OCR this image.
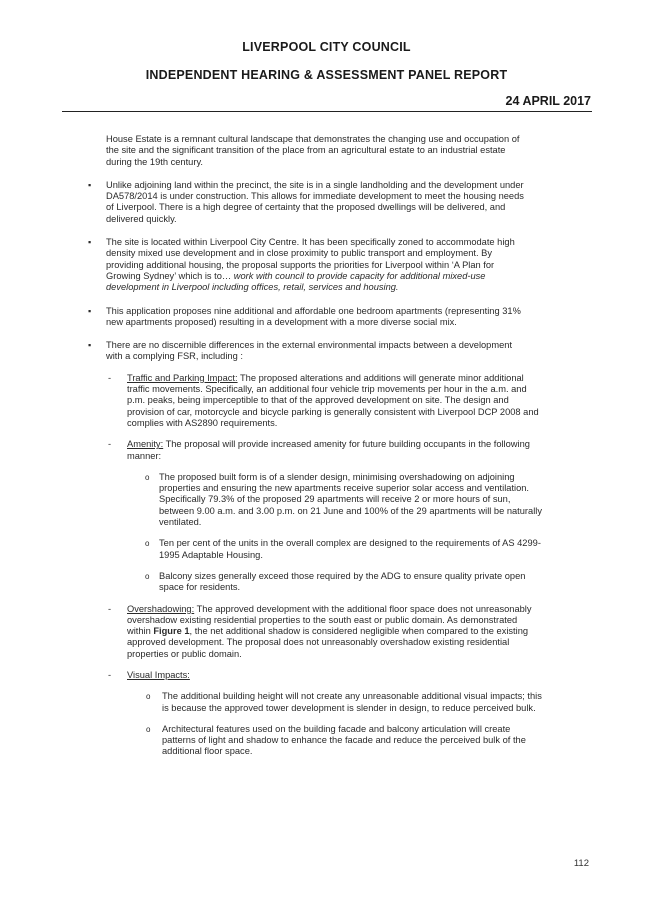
LIVERPOOL CITY COUNCIL
INDEPENDENT HEARING & ASSESSMENT PANEL REPORT
24 APRIL 2017

House Estate is a remnant cultural landscape that demonstrates the changing use and occupation of the site and the significant transition of the place from an agricultural estate to an industrial estate during the 19th century.

▪ Unlike adjoining land within the precinct, the site is in a single landholding and the development under DA578/2014 is under construction. This allows for immediate development to meet the housing needs of Liverpool. There is a high degree of certainty that the proposed dwellings will be delivered, and delivered quickly.
▪ The site is located within Liverpool City Centre. It has been specifically zoned to accommodate high density mixed use development and in close proximity to public transport and employment. By providing additional housing, the proposal supports the priorities for Liverpool within ‘A Plan for Growing Sydney’ which is to… work with council to provide capacity for additional mixed-use development in Liverpool including offices, retail, services and housing.
▪ This application proposes nine additional and affordable one bedroom apartments (representing 31% new apartments proposed) resulting in a development with a more diverse social mix.
▪ There are no discernible differences in the external environmental impacts between a development with a complying FSR, including :
- Traffic and Parking Impact: The proposed alterations and additions will generate minor additional traffic movements. Specifically, an additional four vehicle trip movements per hour in the a.m. and p.m. peaks, being imperceptible to that of the approved development on site. The design and provision of car, motorcycle and bicycle parking is generally consistent with Liverpool DCP 2008 and complies with AS2890 requirements.
- Amenity: The proposal will provide increased amenity for future building occupants in the following manner:
o The proposed built form is of a slender design, minimising overshadowing on adjoining properties and ensuring the new apartments receive superior solar access and ventilation. Specifically 79.3% of the proposed 29 apartments will receive 2 or more hours of sun, between 9.00 a.m. and 3.00 p.m. on 21 June and 100% of the 29 apartments will be naturally ventilated.
o Ten per cent of the units in the overall complex are designed to the requirements of AS 4299-1995 Adaptable Housing.
o Balcony sizes generally exceed those required by the ADG to ensure quality private open space for residents.
- Overshadowing: The approved development with the additional floor space does not unreasonably overshadow existing residential properties to the south east or public domain. As demonstrated within Figure 1, the net additional shadow is considered negligible when compared to the existing approved development. The proposal does not unreasonably overshadow existing residential properties or public domain.
- Visual Impacts:
o The additional building height will not create any unreasonable additional visual impacts; this is because the approved tower development is slender in design, to reduce perceived bulk.
o Architectural features used on the building facade and balcony articulation will create patterns of light and shadow to enhance the facade and reduce the perceived bulk of the additional floor space.
112
